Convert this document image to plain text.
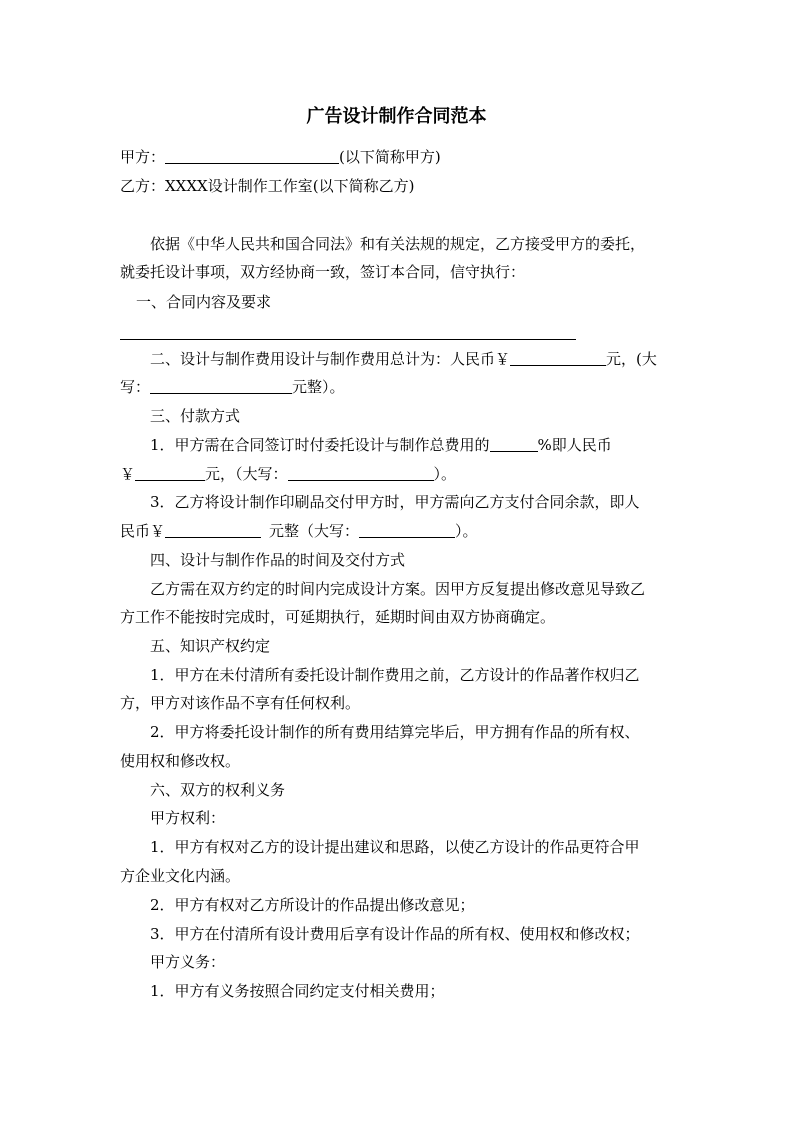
广告设计制作合同范本
甲方：	(以下简称甲方)
乙方：XXXX设计制作工作室(以下简称乙方)
依据《中华人民共和国合同法》和有关法规的规定，乙方接受甲方的委托，
就委托设计事项，双方经协商一致，签订本合同，信守执行：
一、合同内容及要求
二、设计与制作费用设计与制作费用总计为：人民币￥	元，(大
写：	元整）。
三、付款方式
1．甲方需在合同签订时付委托设计与制作总费用的	%即人民币
￥	元，（大写：	）。
3．乙方将设计制作印刷品交付甲方时，甲方需向乙方支付合同余款，即人
民币￥	元整（大写：	）。
四、设计与制作作品的时间及交付方式
乙方需在双方约定的时间内完成设计方案。因甲方反复提出修改意见导致乙
方工作不能按时完成时，可延期执行，延期时间由双方协商确定。
五、知识产权约定
1．甲方在未付清所有委托设计制作费用之前，乙方设计的作品著作权归乙
方，甲方对该作品不享有任何权利。
2．甲方将委托设计制作的所有费用结算完毕后，甲方拥有作品的所有权、
使用权和修改权。
六、双方的权利义务
甲方权利：
1．甲方有权对乙方的设计提出建议和思路，以使乙方设计的作品更符合甲
方企业文化内涵。
2．甲方有权对乙方所设计的作品提出修改意见；
3．甲方在付清所有设计费用后享有设计作品的所有权、使用权和修改权；
甲方义务：
1．甲方有义务按照合同约定支付相关费用；
